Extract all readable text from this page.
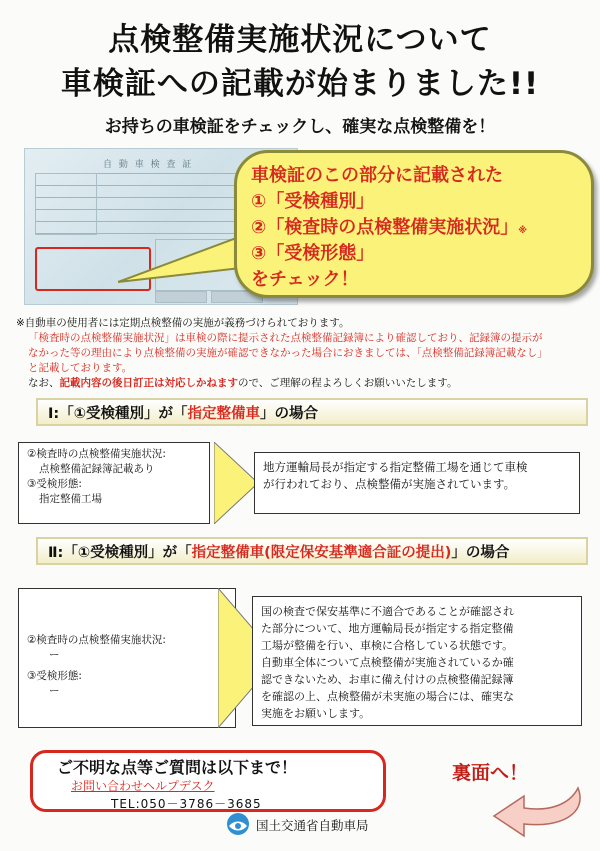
点検整備実施状況について
車検証への記載が始まりました!!
お持ちの車検証をチェックし、確実な点検整備を！
自 動 車 検 査 証	車検証のこの部分に記載された
①「受検種別」
②「検査時の点検整備実施状況」※
③「受検形態」
をチェック！
※自動車の使用者には定期点検整備の実施が義務づけられております。
「検査時の点検整備実施状況」は車検の際に提示された点検整備記録簿により確認しており、記録簿の提示が
なかった等の理由により点検整備の実施が確認できなかった場合におきましては、「点検整備記録簿記載なし」
と記載しております。
なお、記載内容の後日訂正は対応しかねますので、ご理解の程よろしくお願いいたします。
Ⅰ:「①受検種別」が「指定整備車」の場合
②検査時の点検整備実施状況:
点検整備記録簿記載あり
③受検形態:
指定整備工場
地方運輸局長が指定する指定整備工場を通じて車検
が行われており、点検整備が実施されています。
Ⅱ:「①受検種別」が「指定整備車(限定保安基準適合証の提出)」の場合
②検査時の点検整備実施状況:
ー
③受検形態:
ー
国の検査で保安基準に不適合であることが確認され
た部分について、地方運輸局長が指定する指定整備
工場が整備を行い、車検に合格している状態です。
自動車全体について点検整備が実施されているか確
認できないため、お車に備え付けの点検整備記録簿
を確認の上、点検整備が未実施の場合には、確実な
実施をお願いします。
ご不明な点等ご質問は以下まで！
お問い合わせヘルプデスク
TEL:050－3786－3685
裏面へ！
国土交通省自動車局
